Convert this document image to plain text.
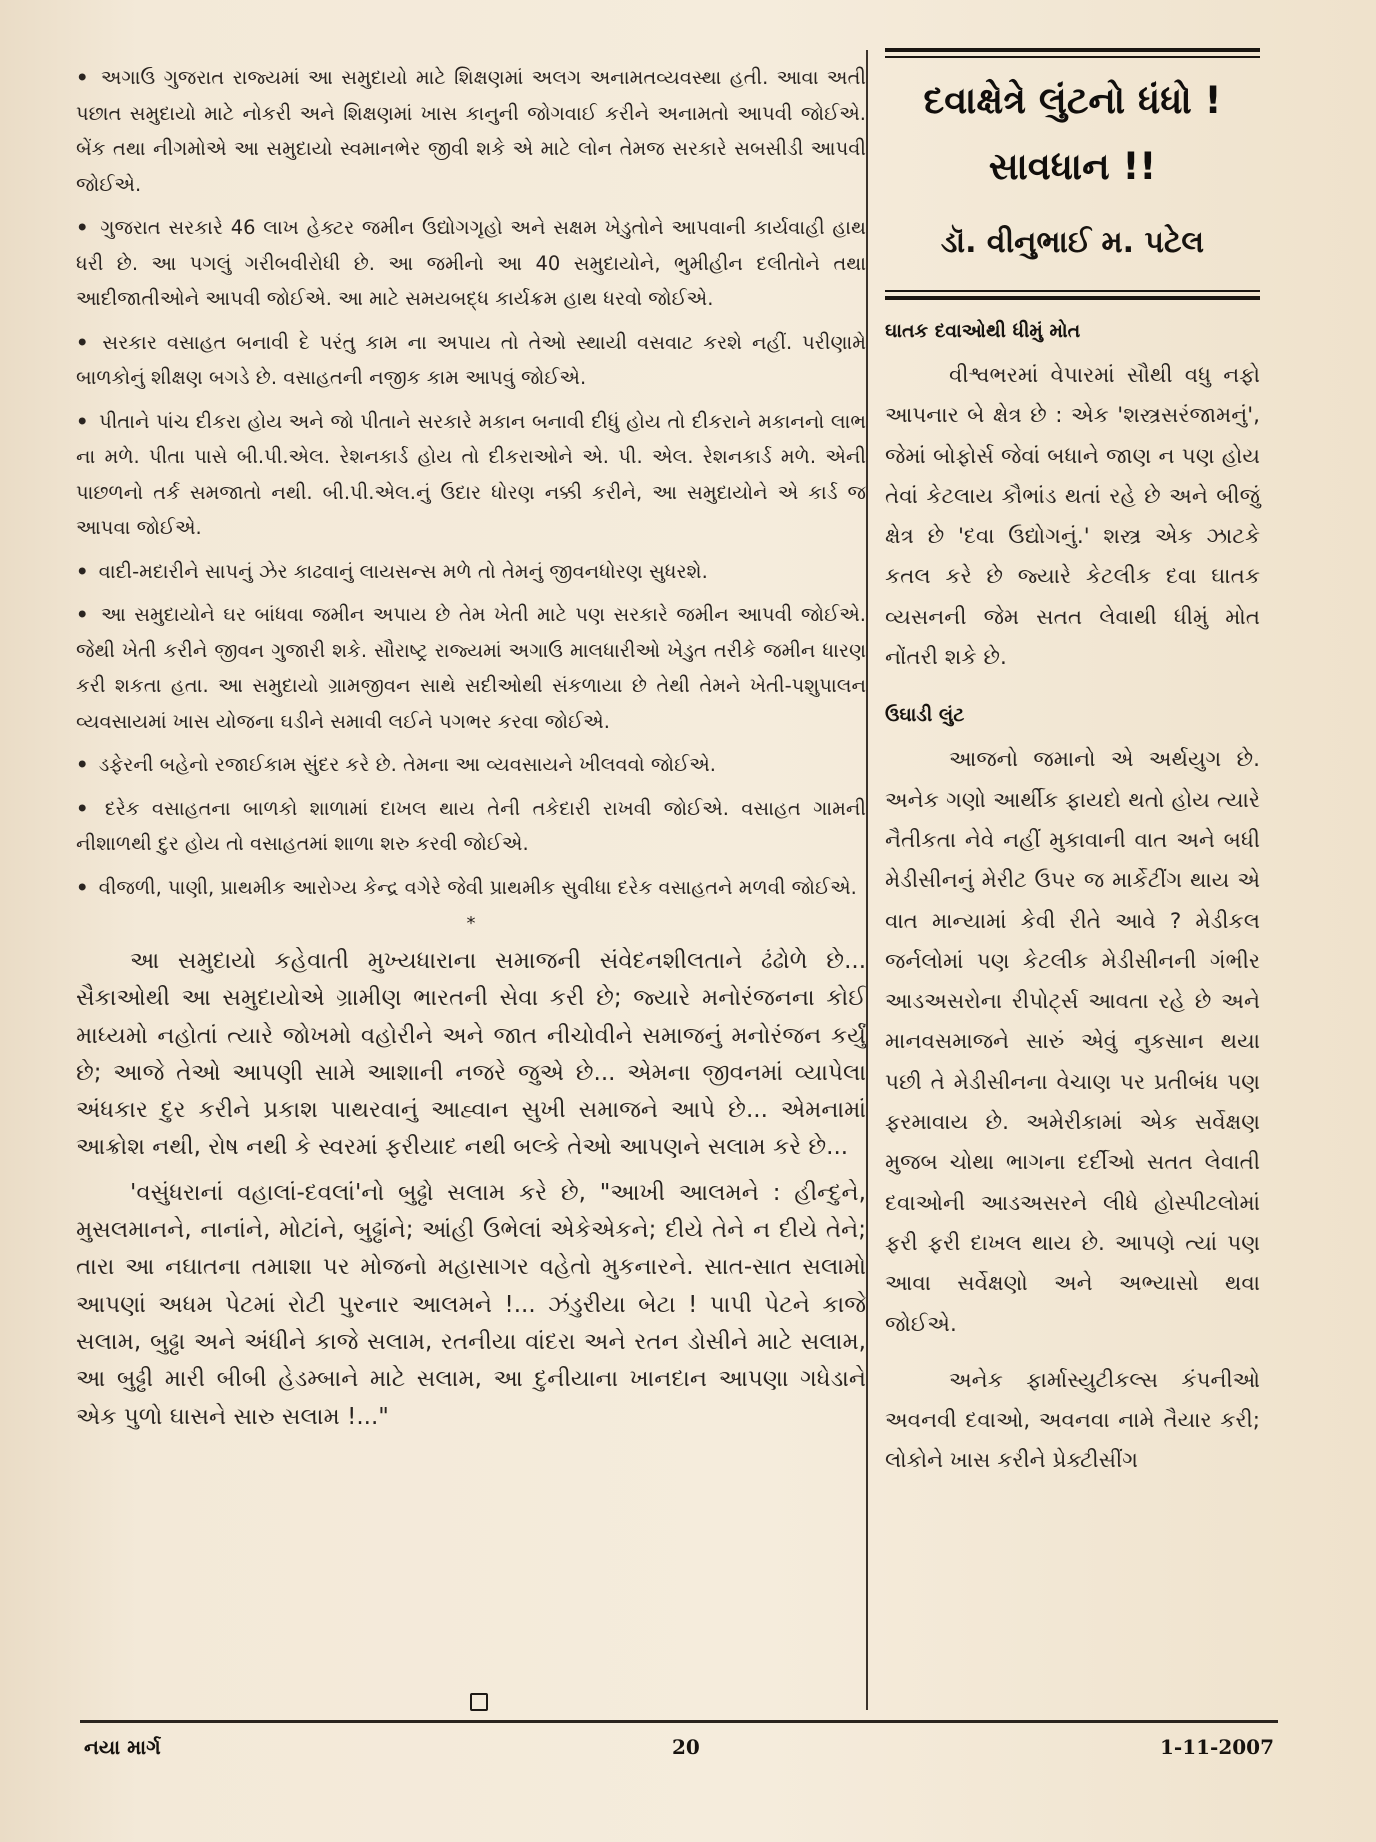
• અગાઉ ગુજરાત રાજ્યમાં આ સમુદાયો માટે શિક્ષણમાં અલગ અનામતવ્યવસ્થા હતી. આવા અતી પછાત સમુદાયો માટે નોકરી અને શિક્ષણમાં ખાસ કાનુની જોગવાઈ કરીને અનામતો આપવી જોઈએ. બેંક તથા નીગમોએ આ સમુદાયો સ્વમાનભેર જીવી શકે એ માટે લોન તેમજ સરકારે સબસીડી આપવી જોઈએ.

• ગુજરાત સરકારે 46 લાખ હેક્ટર જમીન ઉદ્યોગગૃહો અને સક્ષમ ખેડુતોને આપવાની કાર્યવાહી હાથ ધરી છે. આ પગલું ગરીબવીરોધી છે. આ જમીનો આ 40 સમુદાયોને, ભુમીહીન દલીતોને તથા આદીજાતીઓને આપવી જોઈએ. આ માટે સમયબદ્ધ કાર્યક્રમ હાથ ધરવો જોઈએ.

• સરકાર વસાહત બનાવી દે પરંતુ કામ ના અપાય તો તેઓ સ્થાયી વસવાટ કરશે નહીં. પરીણામે બાળકોનું શીક્ષણ બગડે છે. વસાહતની નજીક કામ આપવું જોઈએ.

• પીતાને પાંચ દીકરા હોય અને જો પીતાને સરકારે મકાન બનાવી દીધું હોય તો દીકરાને મકાનનો લાભ ના મળે. પીતા પાસે બી.પી.એલ. રેશનકાર્ડ હોય તો દીકરાઓને એ. પી. એલ. રેશનકાર્ડ મળે. એની પાછળનો તર્ક સમજાતો નથી. બી.પી.એલ.નું ઉદાર ધોરણ નક્કી કરીને, આ સમુદાયોને એ કાર્ડ જ આપવા જોઈએ.

• વાદી-મદારીને સાપનું ઝેર કાઢવાનું લાયસન્સ મળે તો તેમનું જીવનધોરણ સુધરશે.

• આ સમુદાયોને ઘર બાંધવા જમીન અપાય છે તેમ ખેતી માટે પણ સરકારે જમીન આપવી જોઈએ. જેથી ખેતી કરીને જીવન ગુજારી શકે. સૌરાષ્ટ્ર રાજ્યમાં અગાઉ માલધારીઓ ખેડુત તરીકે જમીન ધારણ કરી શકતા હતા. આ સમુદાયો ગ્રામજીવન સાથે સદીઓથી સંકળાયા છે તેથી તેમને ખેતી-પશુપાલન વ્યવસાયમાં ખાસ યોજના ઘડીને સમાવી લઈને પગભર કરવા જોઈએ.

• ડફેરની બહેનો રજાઈકામ સુંદર કરે છે. તેમના આ વ્યવસાયને ખીલવવો જોઈએ.

• દરેક વસાહતના બાળકો શાળામાં દાખલ થાય તેની તકેદારી રાખવી જોઈએ. વસાહત ગામની નીશાળથી દુર હોય તો વસાહતમાં શાળા શરુ કરવી જોઈએ.

• વીજળી, પાણી, પ્રાથમીક આરોગ્ય કેન્દ્ર વગેરે જેવી પ્રાથમીક સુવીધા દરેક વસાહતને મળવી જોઈએ.

*

આ સમુદાયો કહેવાતી મુખ્યધારાના સમાજની સંવેદનશીલતાને ઢંઢોળે છે... સૈકાઓથી આ સમુદાયોએ ગ્રામીણ ભારતની સેવા કરી છે; જ્યારે મનોરંજનના કોઈ માધ્યમો નહોતાં ત્યારે જોખમો વહોરીને અને જાત નીચોવીને સમાજનું મનોરંજન કર્યું છે; આજે તેઓ આપણી સામે આશાની નજરે જુએ છે... એમના જીવનમાં વ્યાપેલા અંધકાર દુર કરીને પ્રકાશ પાથરવાનું આહ્વાન સુખી સમાજને આપે છે... એમનામાં આક્રોશ નથી, રોષ નથી કે સ્વરમાં ફરીયાદ નથી બલ્કે તેઓ આપણને સલામ કરે છે...

'વસુંધરાનાં વહાલાં-દવલાં'નો બુઢ્ઢો સલામ કરે છે, "આખી આલમને : હીન્દુને, મુસલમાનને, નાનાંને, મોટાંને, બુઢ્ઢાંને; આંહી ઉભેલાં એકેએકને; દીયે તેને ન દીયે તેને; તારા આ નઘાતના તમાશા પર મોજનો મહાસાગર વહેતો મુકનારને. સાત-સાત સલામો આપણાં અધમ પેટમાં રોટી પુરનાર આલમને !... ઝંડુરીયા બેટા ! પાપી પેટને કાજે સલામ, બુઢ્ઢા અને અંધીને કાજે સલામ, રતનીયા વાંદરા અને રતન ડોસીને માટે સલામ, આ બુઢ્ઢી મારી બીબી હેડમ્બાને માટે સલામ, આ દુનીયાના ખાનદાન આપણા ગધેડાને એક પુળો ઘાસને સારુ સલામ !..."

દવાક્ષેત્રે લુંટનો ધંધો !
સાવધાન !!
ડૉ. વીનુભાઈ મ. પટેલ
ઘાતક દવાઓથી ધીમું મોત

વીશ્વભરમાં વેપારમાં સૌથી વધુ નફો આપનાર બે ક્ષેત્ર છે : એક 'શસ્ત્રસરંજામનું', જેમાં બોફોર્સ જેવાં બધાને જાણ ન પણ હોય તેવાં કેટલાય કૌભાંડ થતાં રહે છે અને બીજું ક્ષેત્ર છે 'દવા ઉદ્યોગનું.' શસ્ત્ર એક ઝાટકે કતલ કરે છે જ્યારે કેટલીક દવા ઘાતક વ્યસનની જેમ સતત લેવાથી ધીમું મોત નોંતરી શકે છે.

ઉઘાડી લુંટ

આજનો જમાનો એ અર્થયુગ છે. અનેક ગણો આર્થીક ફાયદો થતો હોય ત્યારે નૈતીકતા નેવે નહીં મુકાવાની વાત અને બધી મેડીસીનનું મેરીટ ઉપર જ માર્કેટીંગ થાય એ વાત માન્યામાં કેવી રીતે આવે ? મેડીકલ જર્નલોમાં પણ કેટલીક મેડીસીનની ગંભીર આડઅસરોના રીપોર્ટ્સ આવતા રહે છે અને માનવસમાજને સારું એવું નુકસાન થયા પછી તે મેડીસીનના વેચાણ પર પ્રતીબંધ પણ ફરમાવાય છે. અમેરીકામાં એક સર્વેક્ષણ મુજબ ચોથા ભાગના દર્દીઓ સતત લેવાતી દવાઓની આડઅસરને લીધે હોસ્પીટલોમાં ફરી ફરી દાખલ થાય છે. આપણે ત્યાં પણ આવા સર્વેક્ષણો અને અભ્યાસો થવા જોઈએ.

અનેક ફાર્માસ્યુટીકલ્સ કંપનીઓ અવનવી દવાઓ, અવનવા નામે તૈયાર કરી; લોકોને ખાસ કરીને પ્રેક્ટીસીંગ

નયા માર્ગ	20	1-11-2007
